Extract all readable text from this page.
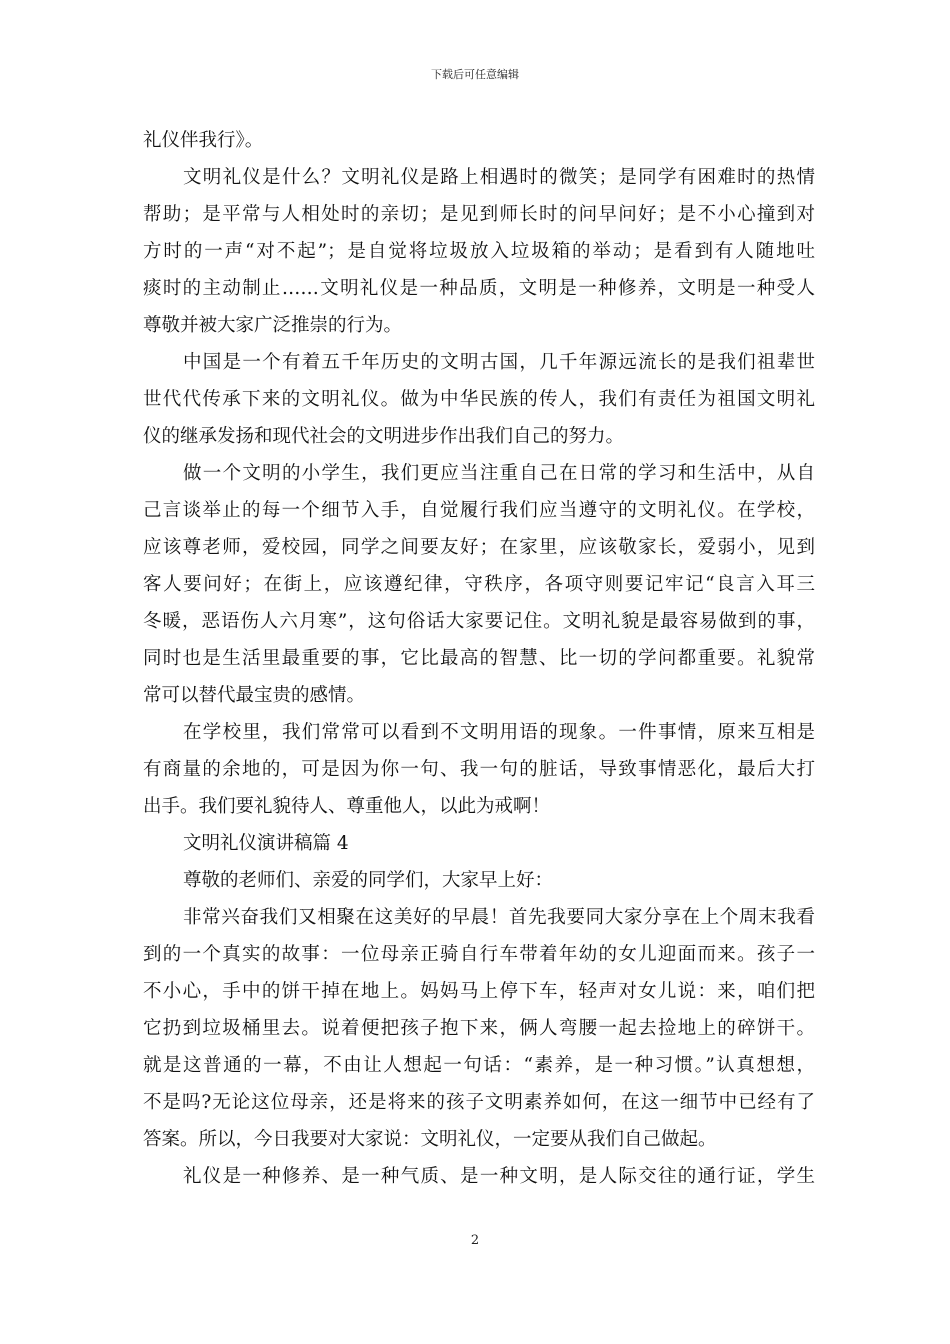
下载后可任意编辑
礼仪伴我行》。
文明礼仪是什么？文明礼仪是路上相遇时的微笑；是同学有困难时的热情
帮助；是平常与人相处时的亲切；是见到师长时的问早问好；是不小心撞到对
方时的一声“对不起”；是自觉将垃圾放入垃圾箱的举动；是看到有人随地吐
痰时的主动制止……文明礼仪是一种品质，文明是一种修养，文明是一种受人
尊敬并被大家广泛推崇的行为。
中国是一个有着五千年历史的文明古国，几千年源远流长的是我们祖辈世
世代代传承下来的文明礼仪。做为中华民族的传人，我们有责任为祖国文明礼
仪的继承发扬和现代社会的文明进步作出我们自己的努力。
做一个文明的小学生，我们更应当注重自己在日常的学习和生活中，从自
己言谈举止的每一个细节入手，自觉履行我们应当遵守的文明礼仪。在学校，
应该尊老师，爱校园，同学之间要友好；在家里，应该敬家长，爱弱小，见到
客人要问好；在街上，应该遵纪律，守秩序，各项守则要记牢记“良言入耳三
冬暖，恶语伤人六月寒”，这句俗话大家要记住。文明礼貌是最容易做到的事，
同时也是生活里最重要的事，它比最高的智慧、比一切的学问都重要。礼貌常
常可以替代最宝贵的感情。
在学校里，我们常常可以看到不文明用语的现象。一件事情，原来互相是
有商量的余地的，可是因为你一句、我一句的脏话，导致事情恶化，最后大打
出手。我们要礼貌待人、尊重他人，以此为戒啊！
文明礼仪演讲稿篇 4
尊敬的老师们、亲爱的同学们，大家早上好：
非常兴奋我们又相聚在这美好的早晨！首先我要同大家分享在上个周末我看
到的一个真实的故事：一位母亲正骑自行车带着年幼的女儿迎面而来。孩子一
不小心，手中的饼干掉在地上。妈妈马上停下车，轻声对女儿说：来，咱们把
它扔到垃圾桶里去。说着便把孩子抱下来，俩人弯腰一起去捡地上的碎饼干。
就是这普通的一幕，不由让人想起一句话：“素养，是一种习惯。”认真想想，
不是吗?无论这位母亲，还是将来的孩子文明素养如何，在这一细节中已经有了
答案。所以，今日我要对大家说：文明礼仪，一定要从我们自己做起。
礼仪是一种修养、是一种气质、是一种文明，是人际交往的通行证，学生
2
